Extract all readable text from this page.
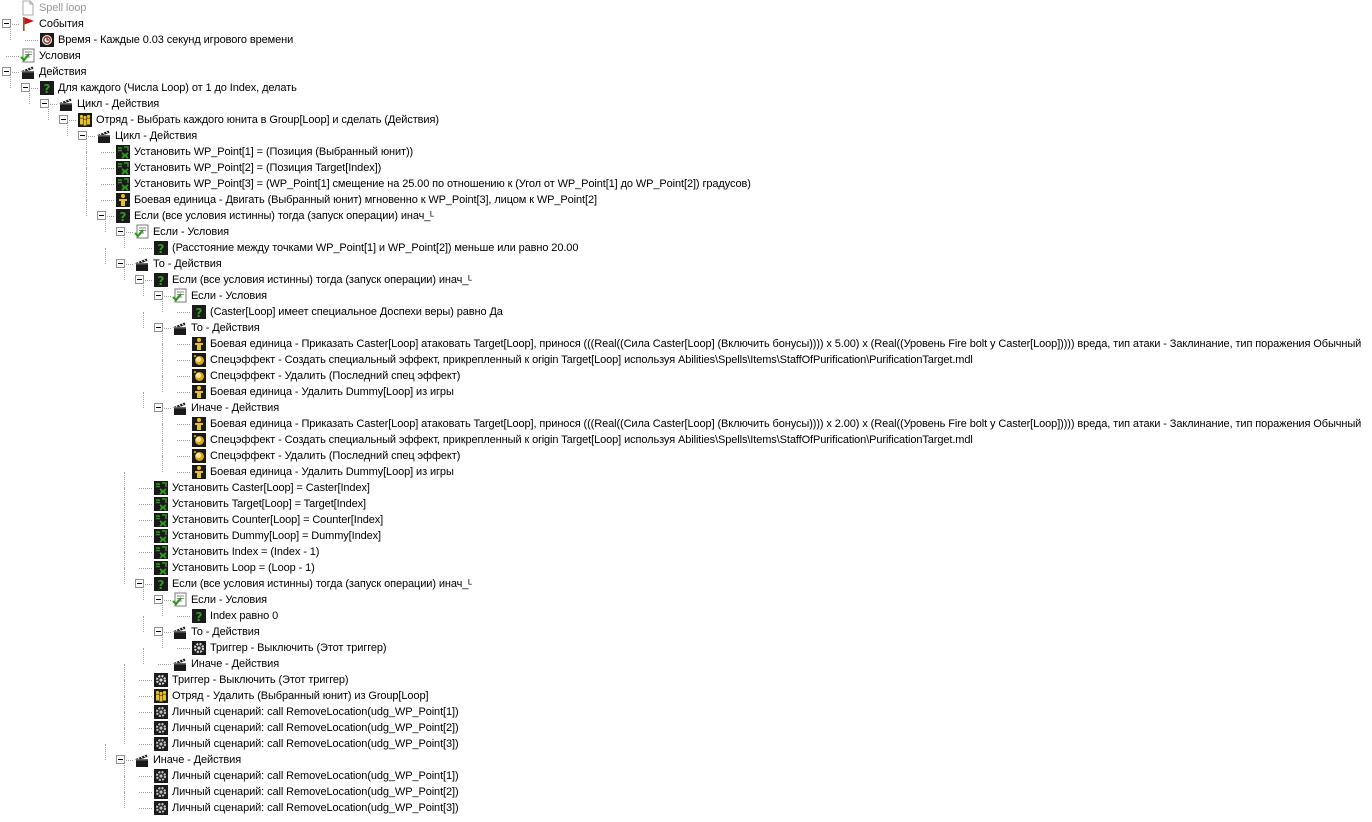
Spell loop
События
Время - Каждые 0.03 секунд игрового времени
Условия
Действия
? Для каждого (Числа Loop) от 1 до Index, делать
Цикл - Действия
Отряд - Выбрать каждого юнита в Group[Loop] и сделать (Действия)
Цикл - Действия
Установить WP_Point[1] = (Позиция (Выбранный юнит))
Установить WP_Point[2] = (Позиция Target[Index])
Установить WP_Point[3] = (WP_Point[1] смещение на 25.00 по отношению к (Угол от WP_Point[1] до WP_Point[2]) градусов)
Боевая единица - Двигать (Выбранный юнит) мгновенно к WP_Point[3], лицом к WP_Point[2]
? Если (все условия истинны) тогда (запуск операции) инач_ᴸ
Если - Условия
? (Расстояние между точками WP_Point[1] и WP_Point[2]) меньше или равно 20.00
То - Действия
? Если (все условия истинны) тогда (запуск операции) инач_ᴸ
Если - Условия
? (Caster[Loop] имеет специальное Доспехи веры) равно Да
То - Действия
Боевая единица - Приказать Caster[Loop] атаковать Target[Loop], принося (((Real((Сила Caster[Loop] (Включить бонусы)))) x 5.00) x (Real((Уровень Fire bolt у Caster[Loop])))) вреда, тип атаки - Заклинание, тип поражения Обычный
Спецэффект - Создать специальный эффект, прикрепленный к origin Target[Loop] используя Abilities\Spells\Items\StaffOfPurification\PurificationTarget.mdl
Спецэффект - Удалить (Последний спец эффект)
Боевая единица - Удалить Dummy[Loop] из игры
Иначе - Действия
Боевая единица - Приказать Caster[Loop] атаковать Target[Loop], принося (((Real((Сила Caster[Loop] (Включить бонусы)))) x 2.00) x (Real((Уровень Fire bolt у Caster[Loop])))) вреда, тип атаки - Заклинание, тип поражения Обычный
Спецэффект - Создать специальный эффект, прикрепленный к origin Target[Loop] используя Abilities\Spells\Items\StaffOfPurification\PurificationTarget.mdl
Спецэффект - Удалить (Последний спец эффект)
Боевая единица - Удалить Dummy[Loop] из игры
Установить Caster[Loop] = Caster[Index]
Установить Target[Loop] = Target[Index]
Установить Counter[Loop] = Counter[Index]
Установить Dummy[Loop] = Dummy[Index]
Установить Index = (Index - 1)
Установить Loop = (Loop - 1)
? Если (все условия истинны) тогда (запуск операции) инач_ᴸ
Если - Условия
? Index равно 0
То - Действия
Триггер - Выключить (Этот триггер)
Иначе - Действия
Триггер - Выключить (Этот триггер)
Отряд - Удалить (Выбранный юнит) из Group[Loop]
Личный сценарий: call RemoveLocation(udg_WP_Point[1])
Личный сценарий: call RemoveLocation(udg_WP_Point[2])
Личный сценарий: call RemoveLocation(udg_WP_Point[3])
Иначе - Действия
Личный сценарий: call RemoveLocation(udg_WP_Point[1])
Личный сценарий: call RemoveLocation(udg_WP_Point[2])
Личный сценарий: call RemoveLocation(udg_WP_Point[3])
